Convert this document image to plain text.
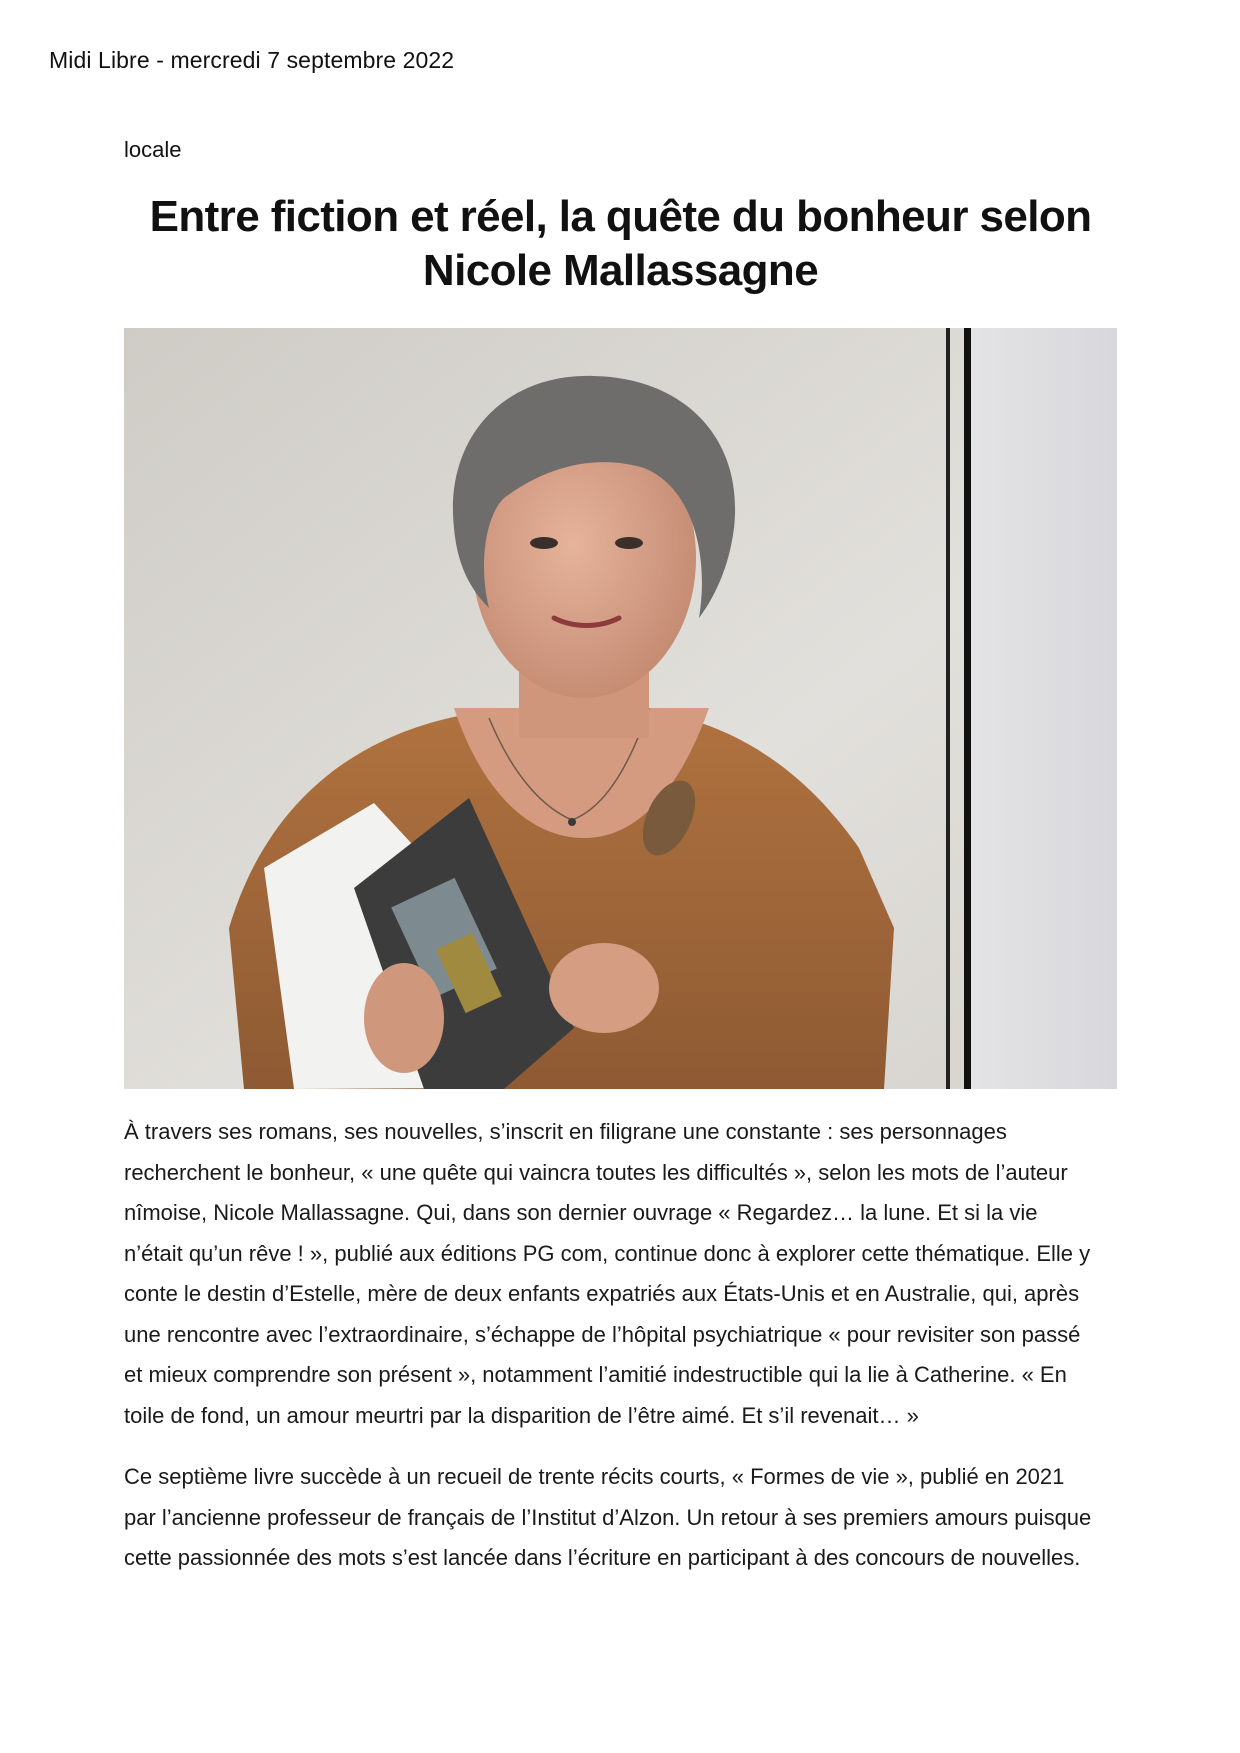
Midi Libre - mercredi 7 septembre 2022
locale
Entre fiction et réel, la quête du bonheur selon Nicole Mallassagne

À travers ses romans, ses nouvelles, s’inscrit en filigrane une constante : ses personnages recherchent le bonheur, « une quête qui vaincra toutes les difficultés », selon les mots de l’auteur nîmoise, Nicole Mallassagne. Qui, dans son dernier ouvrage « Regardez… la lune. Et si la vie n’était qu’un rêve ! », publié aux éditions PG com, continue donc à explorer cette thématique. Elle y conte le destin d’Estelle, mère de deux enfants expatriés aux États-Unis et en Australie, qui, après une rencontre avec l’extraordinaire, s’échappe de l’hôpital psychiatrique « pour revisiter son passé et mieux comprendre son présent », notamment l’amitié indestructible qui la lie à Catherine. « En toile de fond, un amour meurtri par la disparition de l’être aimé. Et s’il revenait… »

Ce septième livre succède à un recueil de trente récits courts, « Formes de vie », publié en 2021 par l’ancienne professeur de français de l’Institut d’Alzon. Un retour à ses premiers amours puisque cette passionnée des mots s’est lancée dans l’écriture en participant à des concours de nouvelles.
